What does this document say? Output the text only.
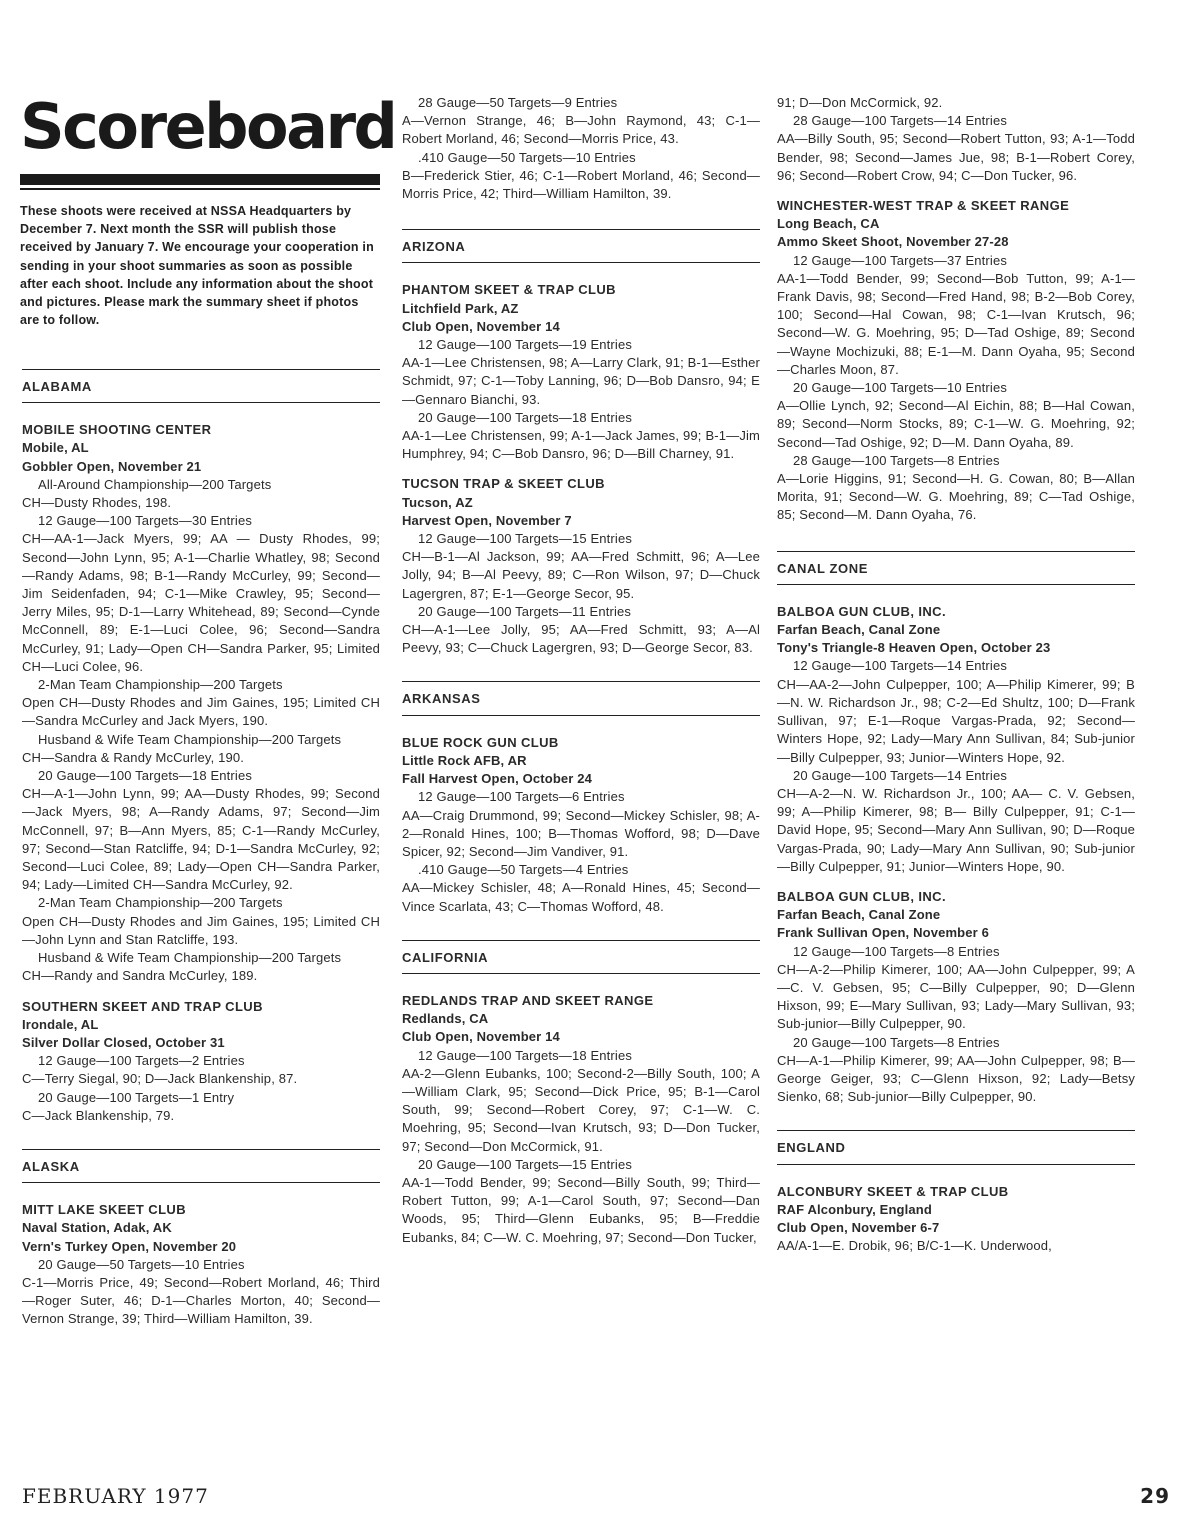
Scoreboard
These shoots were received at NSSA Headquarters by December 7. Next month the SSR will publish those received by January 7. We encourage your cooperation in sending in your shoot summaries as soon as possible after each shoot. Include any information about the shoot and pictures. Please mark the summary sheet if photos are to follow.
ALABAMA
MOBILE SHOOTING CENTER
Mobile, AL
Gobbler Open, November 21
All-Around Championship—200 Targets
CH—Dusty Rhodes, 198.
12 Gauge—100 Targets—30 Entries
CH—AA-1—Jack Myers, 99; AA — Dusty Rhodes, 99; Second—John Lynn, 95; A-1—Charlie Whatley, 98; Second—Randy Adams, 98; B-1—Randy McCurley, 99; Second—Jim Seidenfaden, 94; C-1—Mike Crawley, 95; Second—Jerry Miles, 95; D-1—Larry Whitehead, 89; Second—Cynde McConnell, 89; E-1—Luci Colee, 96; Second—Sandra McCurley, 91; Lady—Open CH—Sandra Parker, 95; Limited CH—Luci Colee, 96.
2-Man Team Championship—200 Targets
Open CH—Dusty Rhodes and Jim Gaines, 195; Limited CH—Sandra McCurley and Jack Myers, 190.
Husband & Wife Team Championship—200 Targets
CH—Sandra & Randy McCurley, 190.
20 Gauge—100 Targets—18 Entries
CH—A-1—John Lynn, 99; AA—Dusty Rhodes, 99; Second—Jack Myers, 98; A—Randy Adams, 97; Second—Jim McConnell, 97; B—Ann Myers, 85; C-1—Randy McCurley, 97; Second—Stan Ratcliffe, 94; D-1—Sandra McCurley, 92; Second—Luci Colee, 89; Lady—Open CH—Sandra Parker, 94; Lady—Limited CH—Sandra McCurley, 92.
2-Man Team Championship—200 Targets
Open CH—Dusty Rhodes and Jim Gaines, 195; Limited CH—John Lynn and Stan Ratcliffe, 193.
Husband & Wife Team Championship—200 Targets
CH—Randy and Sandra McCurley, 189.
SOUTHERN SKEET AND TRAP CLUB
Irondale, AL
Silver Dollar Closed, October 31
12 Gauge—100 Targets—2 Entries
C—Terry Siegal, 90; D—Jack Blankenship, 87.
20 Gauge—100 Targets—1 Entry
C—Jack Blankenship, 79.
ALASKA
MITT LAKE SKEET CLUB
Naval Station, Adak, AK
Vern's Turkey Open, November 20
20 Gauge—50 Targets—10 Entries
C-1—Morris Price, 49; Second—Robert Morland, 46; Third—Roger Suter, 46; D-1—Charles Morton, 40; Second—Vernon Strange, 39; Third—William Hamilton, 39.
28 Gauge—50 Targets—9 Entries
A—Vernon Strange, 46; B—John Raymond, 43; C-1—Robert Morland, 46; Second—Morris Price, 43.
.410 Gauge—50 Targets—10 Entries
B—Frederick Stier, 46; C-1—Robert Morland, 46; Second—Morris Price, 42; Third—William Hamilton, 39.
ARIZONA
PHANTOM SKEET & TRAP CLUB
Litchfield Park, AZ
Club Open, November 14
12 Gauge—100 Targets—19 Entries
AA-1—Lee Christensen, 98; A—Larry Clark, 91; B-1—Esther Schmidt, 97; C-1—Toby Lanning, 96; D—Bob Dansro, 94; E—Gennaro Bianchi, 93.
20 Gauge—100 Targets—18 Entries
AA-1—Lee Christensen, 99; A-1—Jack James, 99; B-1—Jim Humphrey, 94; C—Bob Dansro, 96; D—Bill Charney, 91.
TUCSON TRAP & SKEET CLUB
Tucson, AZ
Harvest Open, November 7
12 Gauge—100 Targets—15 Entries
CH—B-1—Al Jackson, 99; AA—Fred Schmitt, 96; A—Lee Jolly, 94; B—Al Peevy, 89; C—Ron Wilson, 97; D—Chuck Lagergren, 87; E-1—George Secor, 95.
20 Gauge—100 Targets—11 Entries
CH—A-1—Lee Jolly, 95; AA—Fred Schmitt, 93; A—Al Peevy, 93; C—Chuck Lagergren, 93; D—George Secor, 83.
ARKANSAS
BLUE ROCK GUN CLUB
Little Rock AFB, AR
Fall Harvest Open, October 24
12 Gauge—100 Targets—6 Entries
AA—Craig Drummond, 99; Second—Mickey Schisler, 98; A-2—Ronald Hines, 100; B—Thomas Wofford, 98; D—Dave Spicer, 92; Second—Jim Vandiver, 91.
.410 Gauge—50 Targets—4 Entries
AA—Mickey Schisler, 48; A—Ronald Hines, 45; Second—Vince Scarlata, 43; C—Thomas Wofford, 48.
CALIFORNIA
REDLANDS TRAP AND SKEET RANGE
Redlands, CA
Club Open, November 14
12 Gauge—100 Targets—18 Entries
AA-2—Glenn Eubanks, 100; Second-2—Billy South, 100; A—William Clark, 95; Second—Dick Price, 95; B-1—Carol South, 99; Second—Robert Corey, 97; C-1—W. C. Moehring, 95; Second—Ivan Krutsch, 93; D—Don Tucker, 97; Second—Don McCormick, 91.
20 Gauge—100 Targets—15 Entries
AA-1—Todd Bender, 99; Second—Billy South, 99; Third—Robert Tutton, 99; A-1—Carol South, 97; Second—Dan Woods, 95; Third—Glenn Eubanks, 95; B—Freddie Eubanks, 84; C—W. C. Moehring, 97; Second—Don Tucker,
91; D—Don McCormick, 92.
28 Gauge—100 Targets—14 Entries
AA—Billy South, 95; Second—Robert Tutton, 93; A-1—Todd Bender, 98; Second—James Jue, 98; B-1—Robert Corey, 96; Second—Robert Crow, 94; C—Don Tucker, 96.
WINCHESTER-WEST TRAP & SKEET RANGE
Long Beach, CA
Ammo Skeet Shoot, November 27-28
12 Gauge—100 Targets—37 Entries
AA-1—Todd Bender, 99; Second—Bob Tutton, 99; A-1—Frank Davis, 98; Second—Fred Hand, 98; B-2—Bob Corey, 100; Second—Hal Cowan, 98; C-1—Ivan Krutsch, 96; Second—W. G. Moehring, 95; D—Tad Oshige, 89; Second—Wayne Mochizuki, 88; E-1—M. Dann Oyaha, 95; Second—Charles Moon, 87.
20 Gauge—100 Targets—10 Entries
A—Ollie Lynch, 92; Second—Al Eichin, 88; B—Hal Cowan, 89; Second—Norm Stocks, 89; C-1—W. G. Moehring, 92; Second—Tad Oshige, 92; D—M. Dann Oyaha, 89.
28 Gauge—100 Targets—8 Entries
A—Lorie Higgins, 91; Second—H. G. Cowan, 80; B—Allan Morita, 91; Second—W. G. Moehring, 89; C—Tad Oshige, 85; Second—M. Dann Oyaha, 76.
CANAL ZONE
BALBOA GUN CLUB, INC.
Farfan Beach, Canal Zone
Tony's Triangle-8 Heaven Open, October 23
12 Gauge—100 Targets—14 Entries
CH—AA-2—John Culpepper, 100; A—Philip Kimerer, 99; B—N. W. Richardson Jr., 98; C-2—Ed Shultz, 100; D—Frank Sullivan, 97; E-1—Roque Vargas-Prada, 92; Second—Winters Hope, 92; Lady—Mary Ann Sullivan, 84; Sub-junior—Billy Culpepper, 93; Junior—Winters Hope, 92.
20 Gauge—100 Targets—14 Entries
CH—A-2—N. W. Richardson Jr., 100; AA— C. V. Gebsen, 99; A—Philip Kimerer, 98; B— Billy Culpepper, 91; C-1—David Hope, 95; Second—Mary Ann Sullivan, 90; D—Roque Vargas-Prada, 90; Lady—Mary Ann Sullivan, 90; Sub-junior—Billy Culpepper, 91; Junior—Winters Hope, 90.
BALBOA GUN CLUB, INC.
Farfan Beach, Canal Zone
Frank Sullivan Open, November 6
12 Gauge—100 Targets—8 Entries
CH—A-2—Philip Kimerer, 100; AA—John Culpepper, 99; A—C. V. Gebsen, 95; C—Billy Culpepper, 90; D—Glenn Hixson, 99; E—Mary Sullivan, 93; Lady—Mary Sullivan, 93; Sub-junior—Billy Culpepper, 90.
20 Gauge—100 Targets—8 Entries
CH—A-1—Philip Kimerer, 99; AA—John Culpepper, 98; B—George Geiger, 93; C—Glenn Hixson, 92; Lady—Betsy Sienko, 68; Sub-junior—Billy Culpepper, 90.
ENGLAND
ALCONBURY SKEET & TRAP CLUB
RAF Alconbury, England
Club Open, November 6-7
AA/A-1—E. Drobik, 96; B/C-1—K. Underwood,
FEBRUARY 1977	29
